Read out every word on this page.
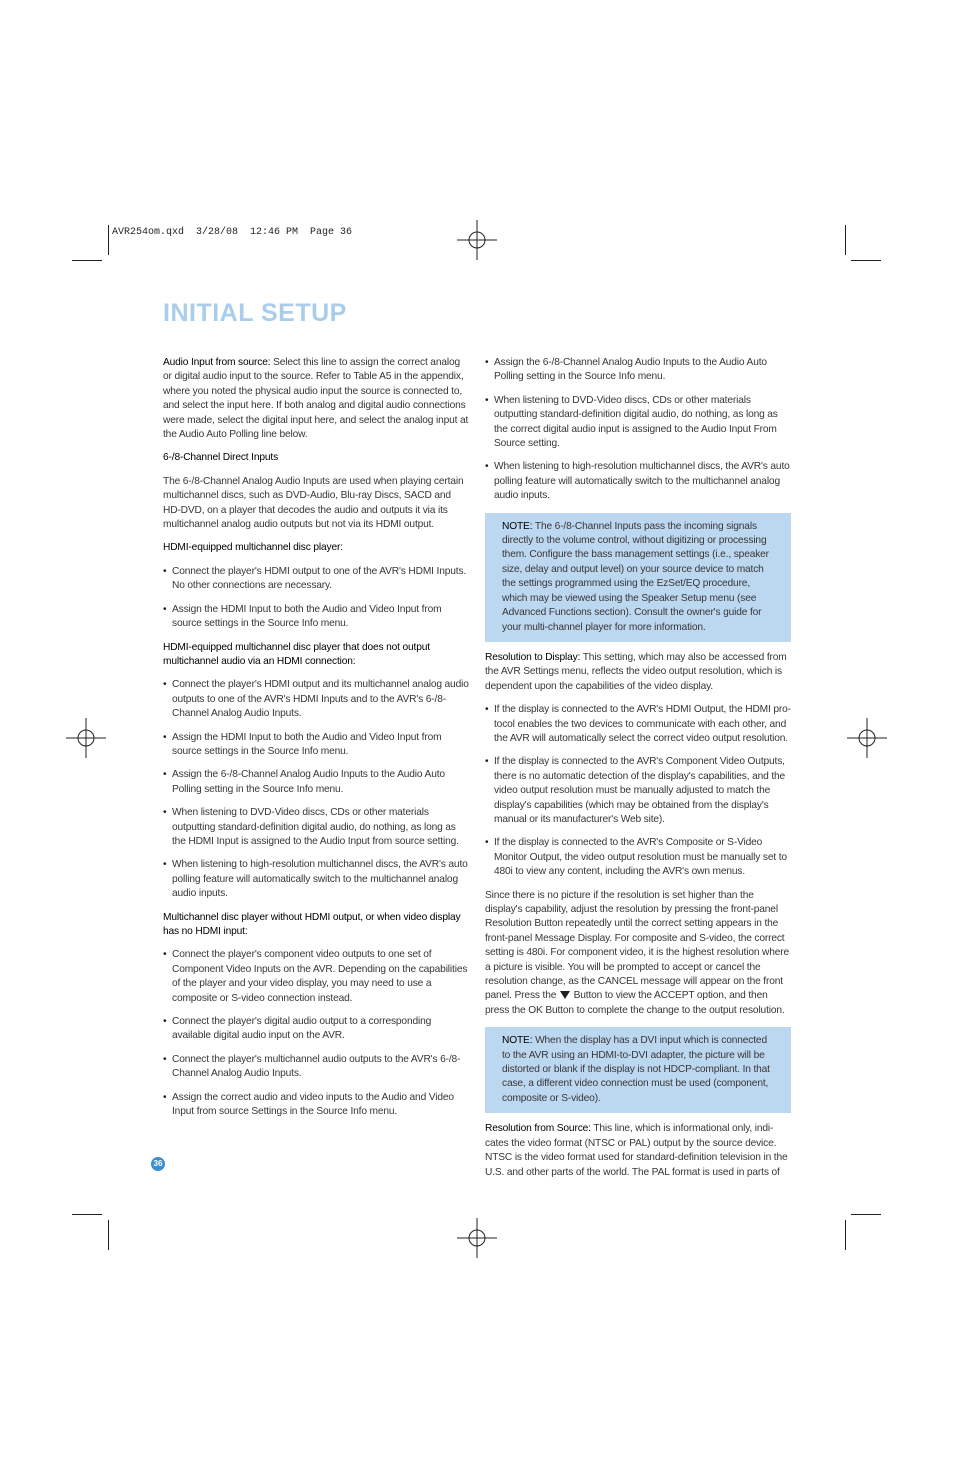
AVR254om.qxd  3/28/08  12:46 PM  Page 36
INITIAL SETUP

Audio Input from source: Select this line to assign the correct analog or digital audio input to the source. Refer to Table A5 in the appendix, where you noted the physical audio input the source is connected to, and select the input here. If both analog and digital audio connections were made, select the digital input here, and select the analog input at the Audio Auto Polling line below.

6-/8-Channel Direct Inputs

The 6-/8-Channel Analog Audio Inputs are used when playing certain multichannel discs, such as DVD-Audio, Blu-ray Discs, SACD and HD-DVD, on a player that decodes the audio and outputs it via its multichannel analog audio outputs but not via its HDMI output.

HDMI-equipped multichannel disc player:

• Connect the player's HDMI output to one of the AVR's HDMI Inputs. No other connections are necessary.
• Assign the HDMI Input to both the Audio and Video Input from source settings in the Source Info menu.

HDMI-equipped multichannel disc player that does not output multichannel audio via an HDMI connection:

• Connect the player's HDMI output and its multichannel analog audio outputs to one of the AVR's HDMI Inputs and to the AVR's 6-/8-Channel Analog Audio Inputs.
• Assign the HDMI Input to both the Audio and Video Input from source settings in the Source Info menu.
• Assign the 6-/8-Channel Analog Audio Inputs to the Audio Auto Polling setting in the Source Info menu.
• When listening to DVD-Video discs, CDs or other materials outputting standard-definition digital audio, do nothing, as long as the HDMI Input is assigned to the Audio Input from source setting.
• When listening to high-resolution multichannel discs, the AVR's auto polling feature will automatically switch to the multichannel analog audio inputs.

Multichannel disc player without HDMI output, or when video display has no HDMI input:

• Connect the player's component video outputs to one set of Component Video Inputs on the AVR. Depending on the capabilities of the player and your video display, you may need to use a composite or S-video connection instead.
• Connect the player's digital audio output to a corresponding available digital audio input on the AVR.
• Connect the player's multichannel audio outputs to the AVR's 6-/8-Channel Analog Audio Inputs.
• Assign the correct audio and video inputs to the Audio and Video Input from source Settings in the Source Info menu.
• Assign the 6-/8-Channel Analog Audio Inputs to the Audio Auto Polling setting in the Source Info menu.
• When listening to DVD-Video discs, CDs or other materials outputting standard-definition digital audio, do nothing, as long as the correct digital audio input is assigned to the Audio Input From Source setting.
• When listening to high-resolution multichannel discs, the AVR's auto polling feature will automatically switch to the multichannel analog audio inputs.

NOTE: The 6-/8-Channel Inputs pass the incoming signals directly to the volume control, without digitizing or processing them. Configure the bass management settings (i.e., speaker size, delay and output level) on your source device to match the settings programmed using the EzSet/EQ procedure, which may be viewed using the Speaker Setup menu (see Advanced Functions section). Consult the owner's guide for your multi-channel player for more information.

Resolution to Display: This setting, which may also be accessed from the AVR Settings menu, reflects the video output resolution, which is dependent upon the capabilities of the video display.

• If the display is connected to the AVR's HDMI Output, the HDMI pro-tocol enables the two devices to communicate with each other, and the AVR will automatically select the correct video output resolution.
• If the display is connected to the AVR's Component Video Outputs, there is no automatic detection of the display's capabilities, and the video output resolution must be manually adjusted to match the display's capabilities (which may be obtained from the display's manual or its manufacturer's Web site).
• If the display is connected to the AVR's Composite or S-Video Monitor Output, the video output resolution must be manually set to 480i to view any content, including the AVR's own menus.

Since there is no picture if the resolution is set higher than the display's capability, adjust the resolution by pressing the front-panel Resolution Button repeatedly until the correct setting appears in the front-panel Message Display. For composite and S-video, the correct setting is 480i. For component video, it is the highest resolution where a picture is visible. You will be prompted to accept or cancel the resolution change, as the CANCEL message will appear on the front panel. Press the  Button to view the ACCEPT option, and then press the OK Button to complete the change to the output resolution.

NOTE: When the display has a DVI input which is connected to the AVR using an HDMI-to-DVI adapter, the picture will be distorted or blank if the display is not HDCP-compliant. In that case, a different video connection must be used (component, composite or S-video).

Resolution from Source: This line, which is informational only, indi-cates the video format (NTSC or PAL) output by the source device. NTSC is the video format used for standard-definition television in the U.S. and other parts of the world. The PAL format is used in parts of

36
